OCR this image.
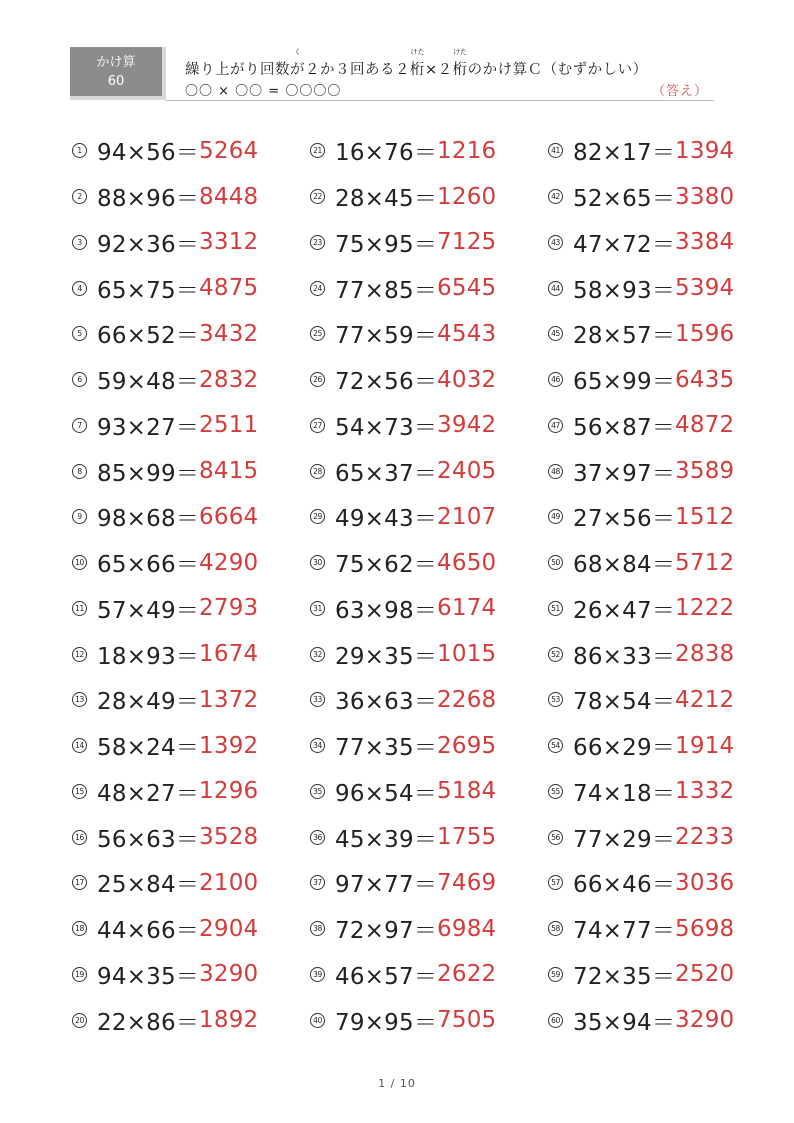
かけ算
60
く
繰り上がり回数が２か３回ある２
けた
桁×２
けた
桁のかけ算Ｃ（むずかしい）
〇〇 × 〇〇 = 〇〇〇〇	（答え）
1 94×56＝ 5264
2 88×96＝ 8448
3 92×36＝ 3312
4 65×75＝ 4875
5 66×52＝ 3432
6 59×48＝ 2832
7 93×27＝ 2511
8 85×99＝ 8415
9 98×68＝ 6664
10 65×66＝ 4290
11 57×49＝ 2793
12 18×93＝ 1674
13 28×49＝ 1372
14 58×24＝ 1392
15 48×27＝ 1296
16 56×63＝ 3528
17 25×84＝ 2100
18 44×66＝ 2904
19 94×35＝ 3290
20 22×86＝ 1892
21 16×76＝ 1216
22 28×45＝ 1260
23 75×95＝ 7125
24 77×85＝ 6545
25 77×59＝ 4543
26 72×56＝ 4032
27 54×73＝ 3942
28 65×37＝ 2405
29 49×43＝ 2107
30 75×62＝ 4650
31 63×98＝ 6174
32 29×35＝ 1015
33 36×63＝ 2268
34 77×35＝ 2695
35 96×54＝ 5184
36 45×39＝ 1755
37 97×77＝ 7469
38 72×97＝ 6984
39 46×57＝ 2622
40 79×95＝ 7505
41 82×17＝ 1394
42 52×65＝ 3380
43 47×72＝ 3384
44 58×93＝ 5394
45 28×57＝ 1596
46 65×99＝ 6435
47 56×87＝ 4872
48 37×97＝ 3589
49 27×56＝ 1512
50 68×84＝ 5712
51 26×47＝ 1222
52 86×33＝ 2838
53 78×54＝ 4212
54 66×29＝ 1914
55 74×18＝ 1332
56 77×29＝ 2233
57 66×46＝ 3036
58 74×77＝ 5698
59 72×35＝ 2520
60 35×94＝ 3290
1 / 10
